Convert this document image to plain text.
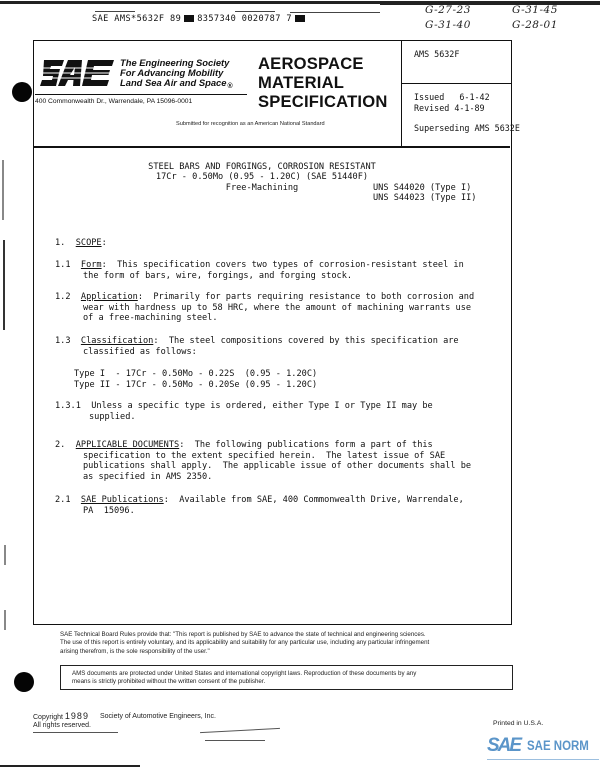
SAE AMS*5632F 89 8357340 0020787 7
G-27-23	G-31-45
G-31-40	G-28-01
The Engineering Society
For Advancing Mobility
Land Sea Air and Space$_®$
400 Commonwealth Dr., Warrendale, PA 15096-0001
AEROSPACE
MATERIAL
SPECIFICATION
Submitted for recognition as an American National Standard
AMS 5632F
Issued   6-1-42
Revised 4-1-89
Superseding AMS 5632E
STEEL BARS AND FORGINGS, CORROSION RESISTANT
17Cr - 0.50Mo (0.95 - 1.20C) (SAE 51440F)
Free-Machining	UNS S44020 (Type I)
UNS S44023 (Type II)
1. SCOPE:
1.1 Form:  This specification covers two types of corrosion-resistant steel in
the form of bars, wire, forgings, and forging stock.
1.2 Application:  Primarily for parts requiring resistance to both corrosion and
wear with hardness up to 58 HRC, where the amount of machining warrants use
of a free-machining steel.
1.3 Classification:  The steel compositions covered by this specification are
classified as follows:
Type I  - 17Cr - 0.50Mo - 0.22S  (0.95 - 1.20C)
Type II - 17Cr - 0.50Mo - 0.20Se (0.95 - 1.20C)
1.3.1 Unless a specific type is ordered, either Type I or Type II may be
supplied.
2. APPLICABLE DOCUMENTS:  The following publications form a part of this
specification to the extent specified herein.  The latest issue of SAE
publications shall apply.  The applicable issue of other documents shall be
as specified in AMS 2350.
2.1 SAE Publications:  Available from SAE, 400 Commonwealth Drive, Warrendale,
PA  15096.
SAE Technical Board Rules provide that: "This report is published by SAE to advance the state of technical and engineering sciences.
The use of this report is entirely voluntary, and its applicability and suitability for any particular use, including any particular infringement
arising therefrom, is the sole responsibility of the user."
AMS documents are protected under United States and international copyright laws. Reproduction of these documents by any
means is strictly prohibited without the written consent of the publisher.
Copyright 1989
All rights reserved.
Society of Automotive Engineers, Inc.
Printed in U.S.A.
SAE SAE NORM
